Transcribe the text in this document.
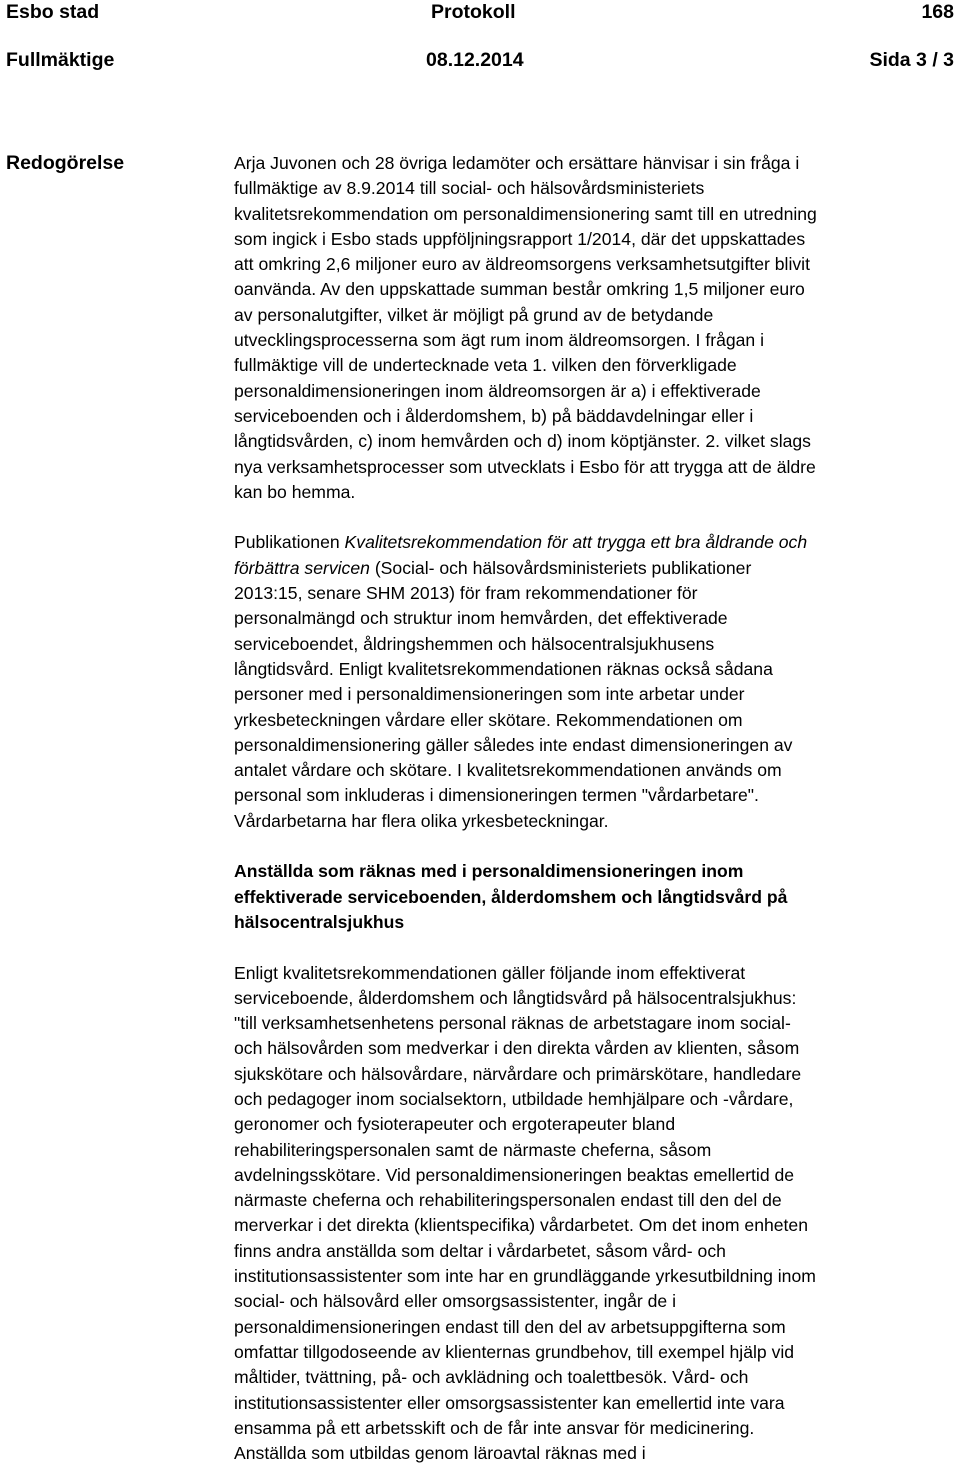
Esbo stad	Protokoll	168
Fullmäktige	08.12.2014	Sida 3 / 3
Redogörelse	Arja Juvonen och 28 övriga ledamöter och ersättare hänvisar i sin fråga i
fullmäktige av 8.9.2014 till social- och hälsovårdsministeriets
kvalitetsrekommendation om personaldimensionering samt till en utredning
som ingick i Esbo stads uppföljningsrapport 1/2014, där det uppskattades
att omkring 2,6 miljoner euro av äldreomsorgens verksamhetsutgifter blivit
oanvända. Av den uppskattade summan består omkring 1,5 miljoner euro
av personalutgifter, vilket är möjligt på grund av de betydande
utvecklingsprocesserna som ägt rum inom äldreomsorgen. I frågan i
fullmäktige vill de undertecknade veta 1. vilken den förverkligade
personaldimensioneringen inom äldreomsorgen är a) i effektiverade
serviceboenden och i ålderdomshem, b) på bäddavdelningar eller i
långtidsvården, c) inom hemvården och d) inom köptjänster. 2. vilket slags
nya verksamhetsprocesser som utvecklats i Esbo för att trygga att de äldre
kan bo hemma.

Publikationen Kvalitetsrekommendation för att trygga ett bra åldrande och
förbättra servicen (Social- och hälsovårdsministeriets publikationer
2013:15, senare SHM 2013) för fram rekommendationer för
personalmängd och struktur inom hemvården, det effektiverade
serviceboendet, åldringshemmen och hälsocentralsjukhusens
långtidsvård. Enligt kvalitetsrekommendationen räknas också sådana
personer med i personaldimensioneringen som inte arbetar under
yrkesbeteckningen vårdare eller skötare. Rekommendationen om
personaldimensionering gäller således inte endast dimensioneringen av
antalet vårdare och skötare. I kvalitetsrekommendationen används om
personal som inkluderas i dimensioneringen termen "vårdarbetare".
Vårdarbetarna har flera olika yrkesbeteckningar.

Anställda som räknas med i personaldimensioneringen inom
effektiverade serviceboenden, ålderdomshem och långtidsvård på
hälsocentralsjukhus

Enligt kvalitetsrekommendationen gäller följande inom effektiverat
serviceboende, ålderdomshem och långtidsvård på hälsocentralsjukhus:
"till verksamhetsenhetens personal räknas de arbetstagare inom social-
och hälsovården som medverkar i den direkta vården av klienten, såsom
sjukskötare och hälsovårdare, närvårdare och primärskötare, handledare
och pedagoger inom socialsektorn, utbildade hemhjälpare och -vårdare,
geronomer och fysioterapeuter och ergoterapeuter bland
rehabiliteringspersonalen samt de närmaste cheferna, såsom
avdelningsskötare. Vid personaldimensioneringen beaktas emellertid de
närmaste cheferna och rehabiliteringspersonalen endast till den del de
merverkar i det direkta (klientspecifika) vårdarbetet. Om det inom enheten
finns andra anställda som deltar i vårdarbetet, såsom vård- och
institutionsassistenter som inte har en grundläggande yrkesutbildning inom
social- och hälsovård eller omsorgsassistenter, ingår de i
personaldimensioneringen endast till den del av arbetsuppgifterna som
omfattar tillgodoseende av klienternas grundbehov, till exempel hjälp vid
måltider, tvättning, på- och avklädning och toalettbesök. Vård- och
institutionsassistenter eller omsorgsassistenter kan emellertid inte vara
ensamma på ett arbetsskift och de får inte ansvar för medicinering.
Anställda som utbildas genom läroavtal räknas med i
